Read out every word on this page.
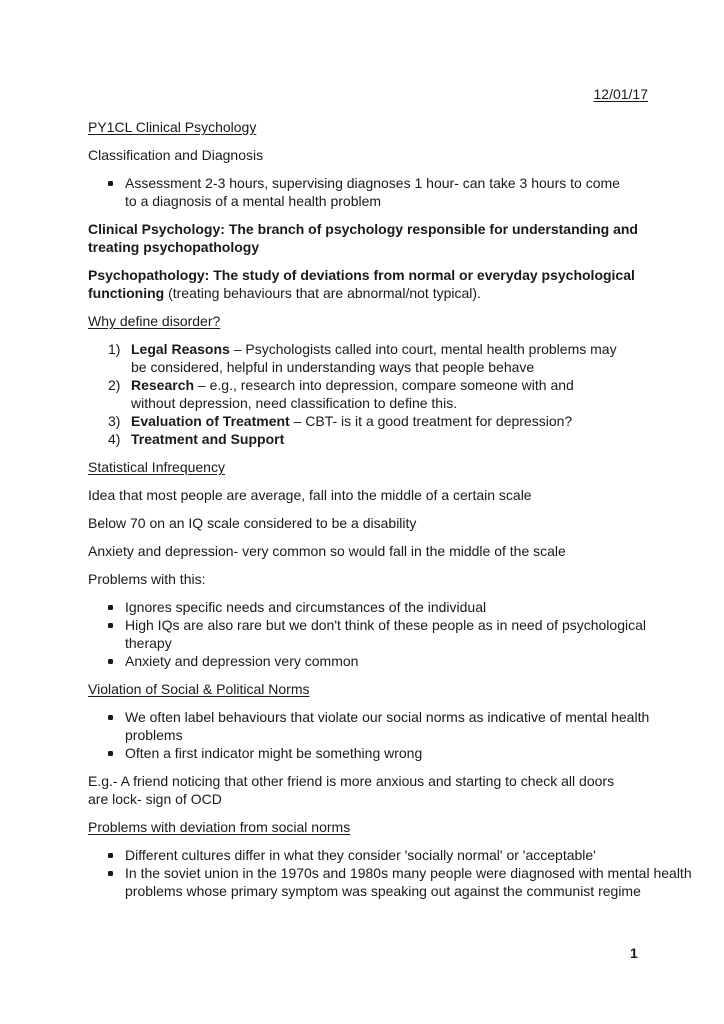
12/01/17

PY1CL Clinical Psychology

Classification and Diagnosis

Assessment 2-3 hours, supervising diagnoses 1 hour- can take 3 hours to come to a diagnosis of a mental health problem

Clinical Psychology: The branch of psychology responsible for understanding and treating psychopathology

Psychopathology: The study of deviations from normal or everyday psychological functioning (treating behaviours that are abnormal/not typical).

Why define disorder?

1) Legal Reasons – Psychologists called into court, mental health problems may be considered, helpful in understanding ways that people behave
2) Research – e.g., research into depression, compare someone with and without depression, need classification to define this.
3) Evaluation of Treatment – CBT- is it a good treatment for depression?
4) Treatment and Support

Statistical Infrequency

Idea that most people are average, fall into the middle of a certain scale

Below 70 on an IQ scale considered to be a disability

Anxiety and depression- very common so would fall in the middle of the scale

Problems with this:

Ignores specific needs and circumstances of the individual
High IQs are also rare but we don't think of these people as in need of psychological therapy
Anxiety and depression very common

Violation of Social & Political Norms

We often label behaviours that violate our social norms as indicative of mental health problems
Often a first indicator might be something wrong

E.g.- A friend noticing that other friend is more anxious and starting to check all doors are lock- sign of OCD

Problems with deviation from social norms

Different cultures differ in what they consider 'socially normal' or 'acceptable'
In the soviet union in the 1970s and 1980s many people were diagnosed with mental health problems whose primary symptom was speaking out against the communist regime
1
